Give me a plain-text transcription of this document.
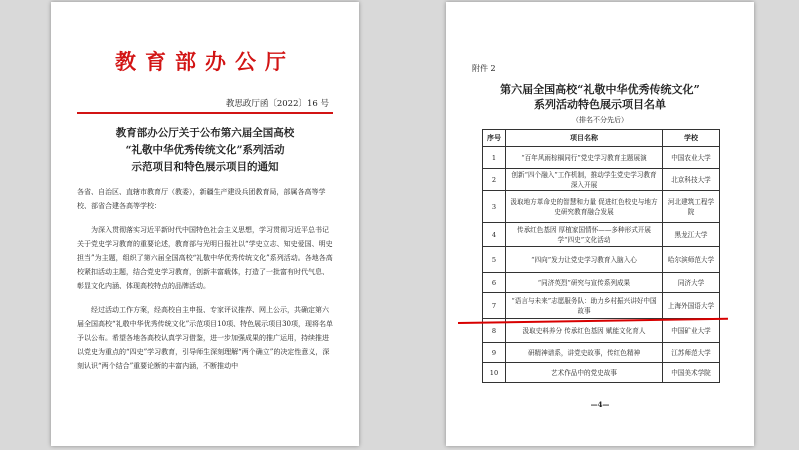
教育部办公厅
教思政厅函〔2022〕16 号
教育部办公厅关于公布第六届全国高校
“礼敬中华优秀传统文化”系列活动
示范项目和特色展示项目的通知

各省、自治区、直辖市教育厅（教委），新疆生产建设兵团教育局，部属各高等学校、部省合建各高等学校：

为深入贯彻落实习近平新时代中国特色社会主义思想，学习贯彻习近平总书记关于党史学习教育的重要论述，教育部与光明日报社以“学史立志、知史爱国、明史担当”为主题，组织了第六届全国高校“礼敬中华优秀传统文化”系列活动。各地各高校紧扣活动主题，结合党史学习教育，创新丰富载体，打造了一批富有时代气息、彰显文化内涵、体现高校特点的品牌活动。

经过活动工作方案，经高校自主申报、专家评议推荐、网上公示，共确定第六届全国高校“礼敬中华优秀传统文化”示范项目10项、特色展示项目30项，现将名单予以公布。希望各地各高校认真学习借鉴，进一步加强成果的推广运用，持续推进以党史为重点的“四史”学习教育，引导师生深刻理解“两个确立”的决定性意义，深刻认识“两个结合”重要论断的丰富内涵，不断推动中

附件 2
第六届全国高校“礼敬中华优秀传统文化”
系列活动特色展示项目名单
（排名不分先后）
序号	项目名称	学校
1	“百年风雨棕榈同行”党史学习教育主题展演	中国农业大学
2	创新“四个融入”工作机制，推动学生党史学习教育深入开展	北京科技大学
3	汲取地方革命史的智慧和力量 促进红色校史与地方史研究教育融合发展	河北建筑工程学院
4	传承红色基因 厚植家国情怀——多种形式开展学“四史”文化活动	黑龙江大学
5	“四向”发力让党史学习教育入脑入心	哈尔滨师范大学
6	“同济英烈”研究与宣传系列成果	同济大学
7	“语言与未来”志愿服务队：助力乡村振兴讲好中国故事	上海外国语大学
8	汲取史料养分 传承红色基因 赋能文化育人	中国矿业大学
9	研精神谱系，讲党史故事，传红色精神	江苏师范大学
10	艺术作品中的党史故事	中国美术学院
—4—
